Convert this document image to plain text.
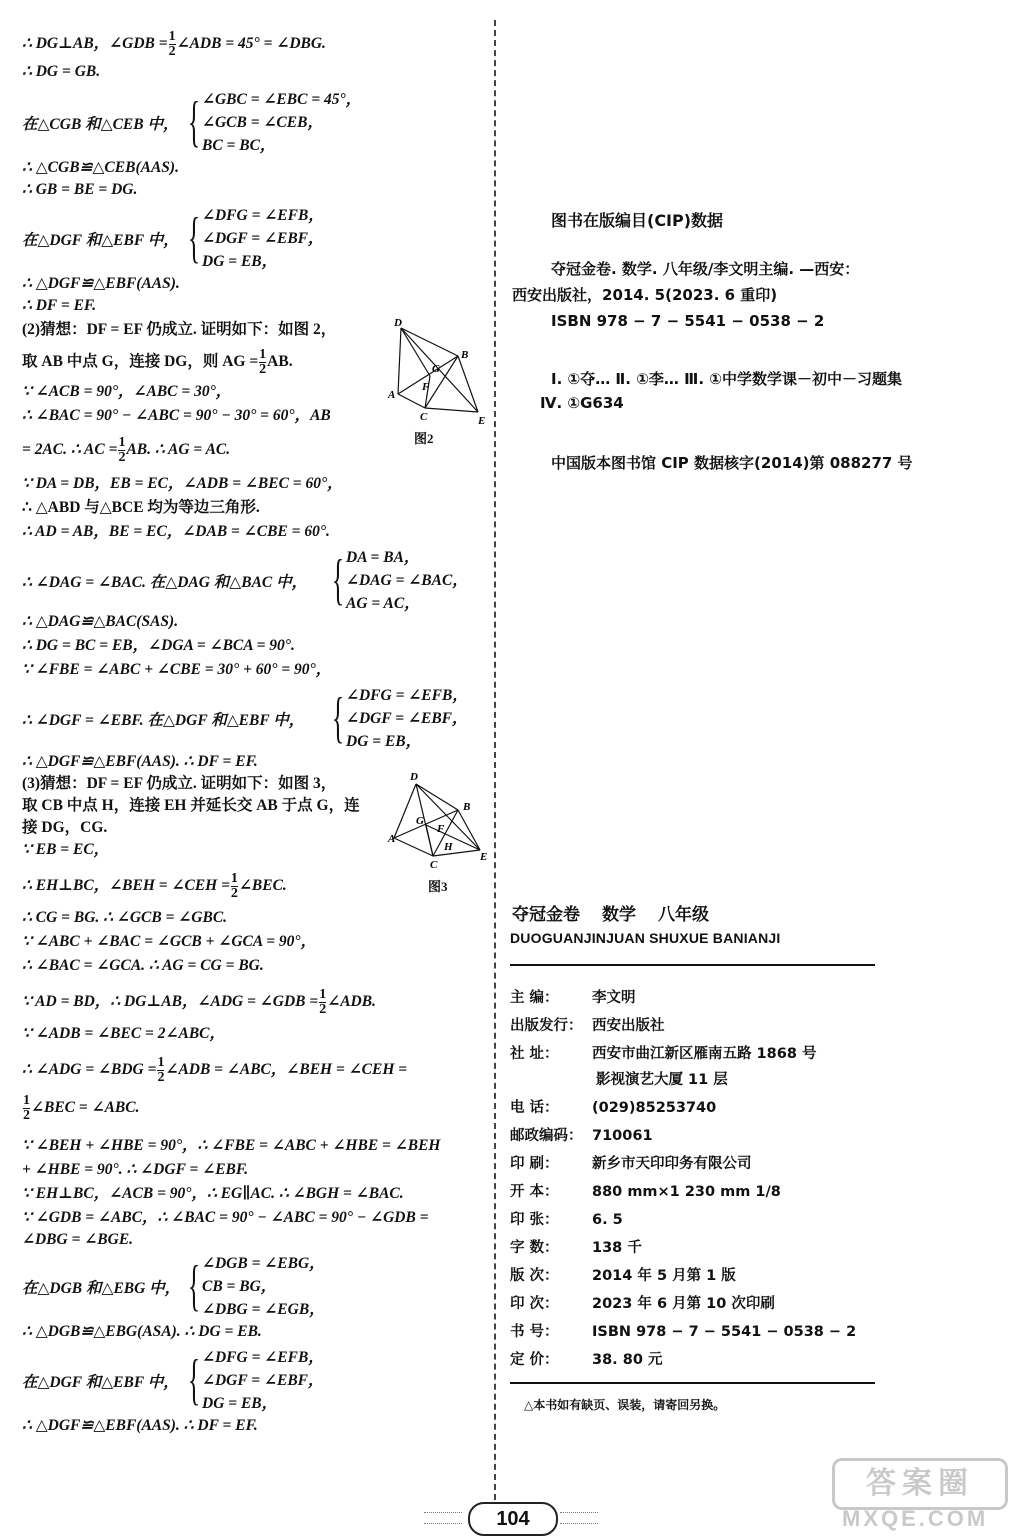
∴ DG⊥AB，∠GDB = $\frac{1}{2}$ ∠ADB = 45° = ∠DBG.
∴ DG = GB.
在△CGB 和△CEB 中， { ∠GBC = ∠EBC = 45°，
∠GCB = ∠CEB，
BC = BC，
∴ △CGB≌△CEB(AAS).
∴ GB = BE = DG.
在△DGF 和△EBF 中， { ∠DFG = ∠EFB，
∠DGF = ∠EBF，
DG = EB，
∴ △DGF≌△EBF(AAS).
∴ DF = EF.
(2)猜想：DF = EF 仍成立. 证明如下：如图 2，
取 AB 中点 G，连接 DG，则 AG = $\frac{1}{2}$ AB.
∵ ∠ACB = 90°，∠ABC = 30°，
∴ ∠BAC = 90° − ∠ABC = 90° − 30° = 60°，AB
= 2AC. ∴ AC = $\frac{1}{2}$ AB. ∴ AG = AC.
∵ DA = DB，EB = EC，∠ADB = ∠BEC = 60°，
∴ △ABD 与△BCE 均为等边三角形.
∴ AD = AB，BE = EC，∠DAB = ∠CBE = 60°.
∴ ∠DAG = ∠BAC. 在△DAG 和△BAC 中， { DA = BA，
∠DAG = ∠BAC，
AG = AC，
∴ △DAG≌△BAC(SAS).
∴ DG = BC = EB，∠DGA = ∠BCA = 90°.
∵ ∠FBE = ∠ABC + ∠CBE = 30° + 60° = 90°，
∴ ∠DGF = ∠EBF. 在△DGF 和△EBF 中， { ∠DFG = ∠EFB，
∠DGF = ∠EBF，
DG = EB，
∴ △DGF≌△EBF(AAS). ∴ DF = EF.
(3)猜想：DF = EF 仍成立. 证明如下：如图 3，
取 CB 中点 H，连接 EH 并延长交 AB 于点 G，连
接 DG，CG.
∵ EB = EC，
∴ EH⊥BC，∠BEH = ∠CEH = $\frac{1}{2}$ ∠BEC.
∴ CG = BG. ∴ ∠GCB = ∠GBC.
∵ ∠ABC + ∠BAC = ∠GCB + ∠GCA = 90°，
∴ ∠BAC = ∠GCA. ∴ AG = CG = BG.
∵ AD = BD，∴ DG⊥AB，∠ADG = ∠GDB = $\frac{1}{2}$ ∠ADB.
∵ ∠ADB = ∠BEC = 2∠ABC，
∴ ∠ADG = ∠BDG = $\frac{1}{2}$ ∠ADB = ∠ABC，∠BEH = ∠CEH =
$\frac{1}{2}$ ∠BEC = ∠ABC.
∵ ∠BEH + ∠HBE = 90°，∴ ∠FBE = ∠ABC + ∠HBE = ∠BEH
+ ∠HBE = 90°. ∴ ∠DGF = ∠EBF.
∵ EH⊥BC，∠ACB = 90°，∴ EG∥AC. ∴ ∠BGH = ∠BAC.
∵ ∠GDB = ∠ABC，∴ ∠BAC = 90° − ∠ABC = 90° − ∠GDB =
∠DBG = ∠BGE.
在△DGB 和△EBG 中， { ∠DGB = ∠EBG，
CB = BG，
∠DBG = ∠EGB，
∴ △DGB≌△EBG(ASA). ∴ DG = EB.
在△DGF 和△EBF 中， { ∠DFG = ∠EFB，
∠DGF = ∠EBF，
DG = EB，
∴ △DGF≌△EBF(AAS). ∴ DF = EF.
D
B
G
F
A
C	E
图2
D
B
G
F
A
H
C
E
图3
图书在版编目(CIP)数据
夺冠金卷. 数学. 八年级/李文明主编. —西安：
西安出版社，2014. 5(2023. 6 重印)
ISBN 978 − 7 − 5541 − 0538 − 2
Ⅰ. ①夺… Ⅱ. ①李… Ⅲ. ①中学数学课－初中－习题集
Ⅳ. ①G634
中国版本图书馆 CIP 数据核字(2014)第 088277 号
夺冠金卷 数学 八年级
DUOGUANJINJUAN SHUXUE BANIANJI
主 编： 李文明
出版发行： 西安出版社
社 址： 西安市曲江新区雁南五路 1868 号
影视演艺大厦 11 层
电 话： (029)85253740
邮政编码： 710061
印 刷： 新乡市天印印务有限公司
开 本： 880 mm×1 230 mm 1/8
印 张： 6. 5
字 数： 138 千
版 次： 2014 年 5 月第 1 版
印 次： 2023 年 6 月第 10 次印刷
书 号： ISBN 978 − 7 − 5541 − 0538 − 2
定 价： 38. 80 元
△本书如有缺页、误装，请寄回另换。
104
答案圈
MXQE.COM
